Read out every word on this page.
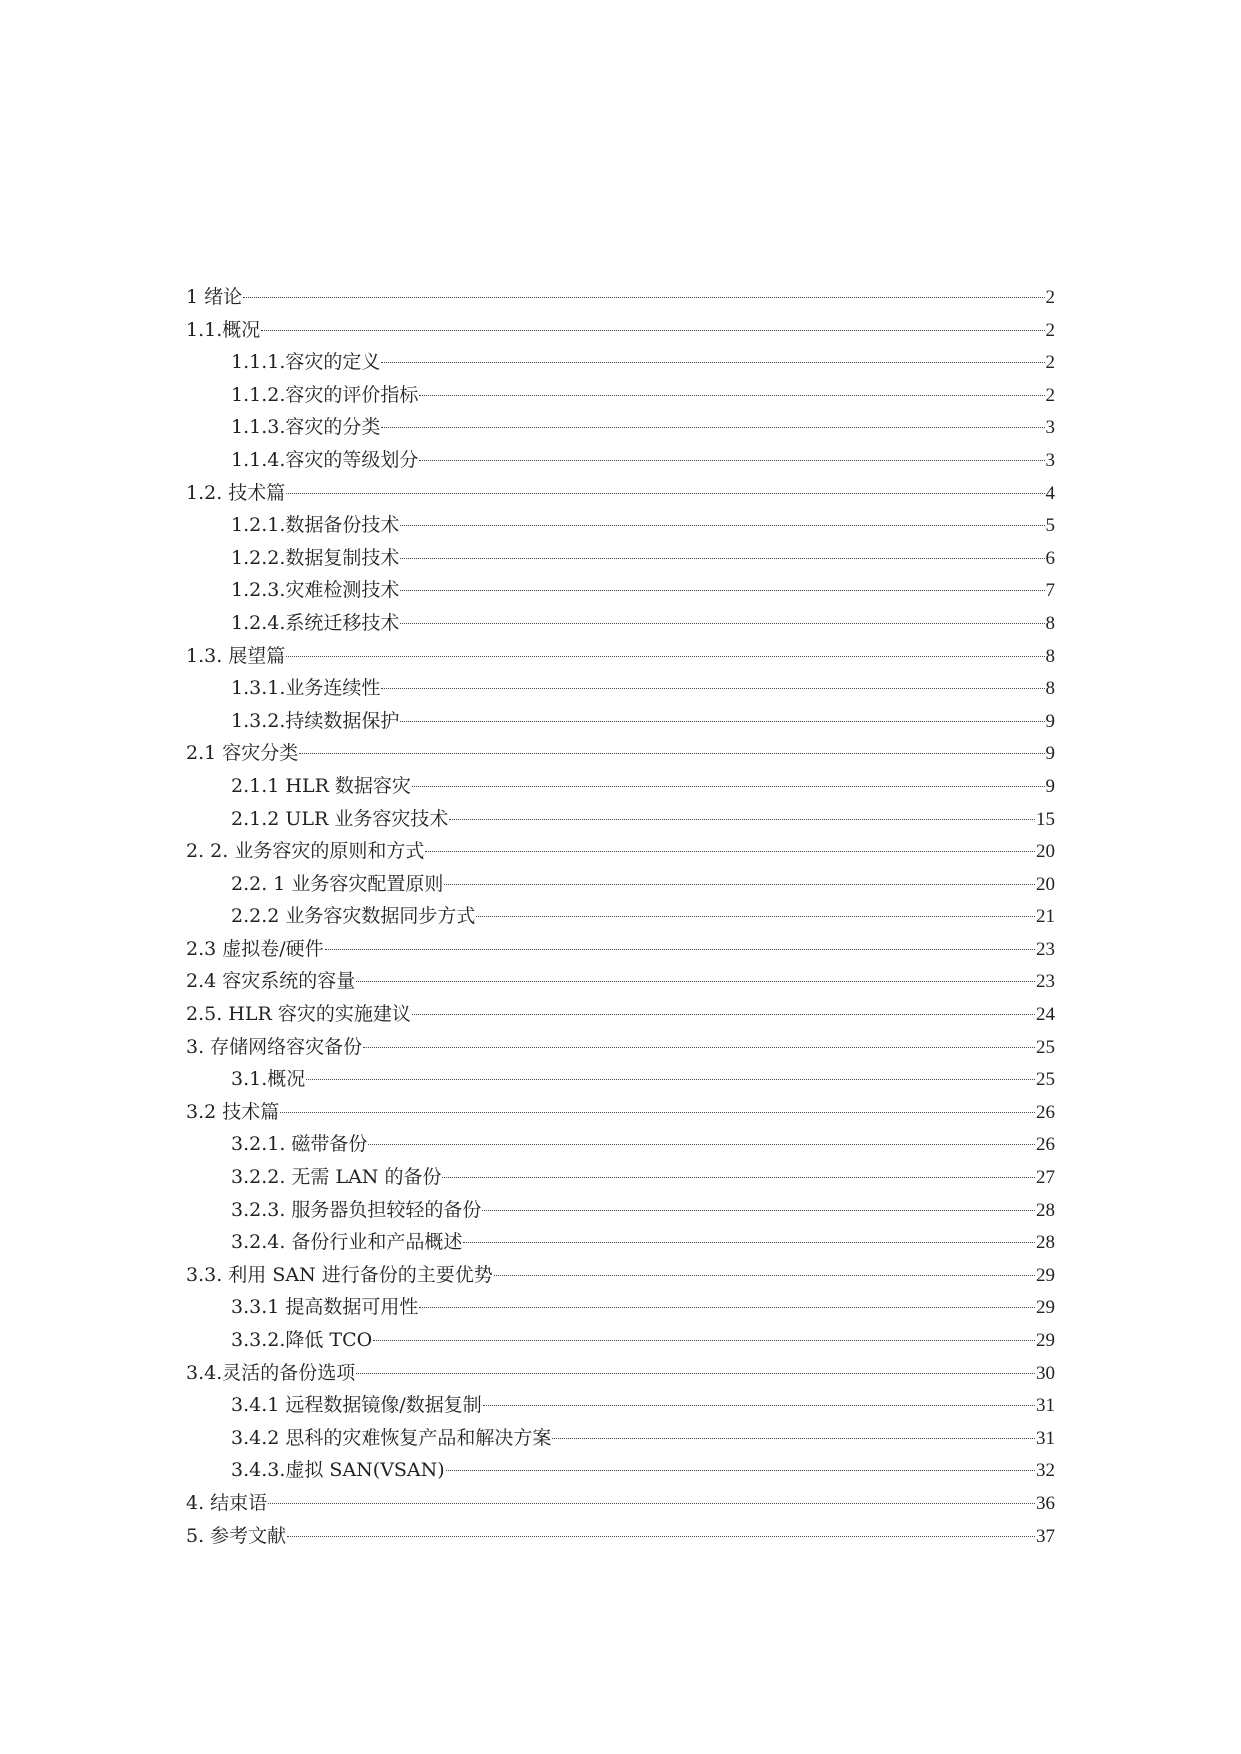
1 绪论	2
1.1.概况	2
1.1.1.容灾的定义	2
1.1.2.容灾的评价指标	2
1.1.3.容灾的分类	3
1.1.4.容灾的等级划分	3
1.2. 技术篇	4
1.2.1.数据备份技术	5
1.2.2.数据复制技术	6
1.2.3.灾难检测技术	7
1.2.4.系统迁移技术	8
1.3. 展望篇	8
1.3.1.业务连续性	8
1.3.2.持续数据保护	9
2.1 容灾分类	9
2.1.1 HLR 数据容灾	9
2.1.2 ULR 业务容灾技术	15
2. 2. 业务容灾的原则和方式	20
2.2. 1 业务容灾配置原则	20
2.2.2 业务容灾数据同步方式	21
2.3 虚拟卷/硬件	23
2.4 容灾系统的容量	23
2.5. HLR 容灾的实施建议	24
3. 存储网络容灾备份	25
3.1.概况	25
3.2 技术篇	26
3.2.1. 磁带备份	26
3.2.2. 无需 LAN 的备份	27
3.2.3. 服务器负担较轻的备份	28
3.2.4. 备份行业和产品概述	28
3.3. 利用 SAN 进行备份的主要优势	29
3.3.1 提高数据可用性	29
3.3.2.降低 TCO	29
3.4.灵活的备份选项	30
3.4.1 远程数据镜像/数据复制	31
3.4.2 思科的灾难恢复产品和解决方案	31
3.4.3.虚拟 SAN(VSAN)	32
4. 结束语	36
5. 参考文献	37
